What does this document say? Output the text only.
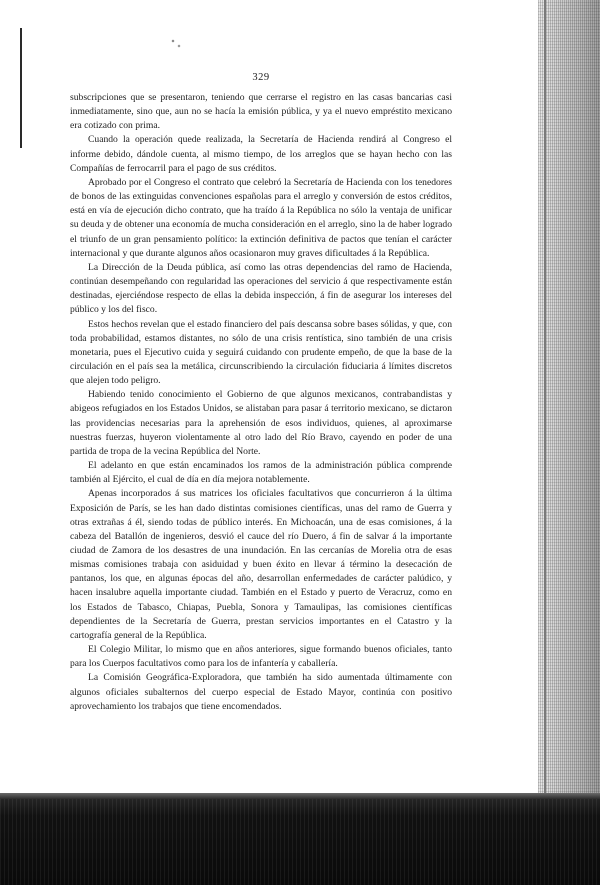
329

subscripciones que se presentaron, teniendo que cerrarse el registro en las casas bancarias casi inmediatamente, sino que, aun no se hacía la emisión pública, y ya el nuevo empréstito mexicano era cotizado con prima.

Cuando la operación quede realizada, la Secretaría de Hacienda rendirá al Congreso el informe debido, dándole cuenta, al mismo tiempo, de los arreglos que se hayan hecho con las Compañías de ferrocarril para el pago de sus créditos.

Aprobado por el Congreso el contrato que celebró la Secretaría de Hacienda con los tenedores de bonos de las extinguidas convenciones españolas para el arreglo y conversión de estos créditos, está en vía de ejecución dicho contrato, que ha traído á la República no sólo la ventaja de unificar su deuda y de obtener una economía de mucha consideración en el arreglo, sino la de haber logrado el triunfo de un gran pensamiento político: la extinción definitiva de pactos que tenían el carácter internacional y que durante algunos años ocasionaron muy graves dificultades á la República.

La Dirección de la Deuda pública, así como las otras dependencias del ramo de Hacienda, continúan desempeñando con regularidad las operaciones del servicio á que respectivamente están destinadas, ejerciéndose respecto de ellas la debida inspección, á fin de asegurar los intereses del público y los del fisco.

Estos hechos revelan que el estado financiero del país descansa sobre bases sólidas, y que, con toda probabilidad, estamos distantes, no sólo de una crisis rentística, sino también de una crisis monetaria, pues el Ejecutivo cuida y seguirá cuidando con prudente empeño, de que la base de la circulación en el país sea la metálica, circunscribiendo la circulación fiduciaria á límites discretos que alejen todo peligro.

Habiendo tenido conocimiento el Gobierno de que algunos mexicanos, contrabandistas y abigeos refugiados en los Estados Unidos, se alistaban para pasar á territorio mexicano, se dictaron las providencias necesarias para la aprehensión de esos individuos, quienes, al aproximarse nuestras fuerzas, huyeron violentamente al otro lado del Río Bravo, cayendo en poder de una partida de tropa de la vecina República del Norte.

El adelanto en que están encaminados los ramos de la administración pública comprende también al Ejército, el cual de día en día mejora notablemente.

Apenas incorporados á sus matrices los oficiales facultativos que concurrieron á la última Exposición de París, se les han dado distintas comisiones científicas, unas del ramo de Guerra y otras extrañas á él, siendo todas de público interés. En Michoacán, una de esas comisiones, á la cabeza del Batallón de ingenieros, desvió el cauce del río Duero, á fin de salvar á la importante ciudad de Zamora de los desastres de una inundación. En las cercanías de Morelia otra de esas mismas comisiones trabaja con asiduidad y buen éxito en llevar á término la desecación de pantanos, los que, en algunas épocas del año, desarrollan enfermedades de carácter palúdico, y hacen insalubre aquella importante ciudad. También en el Estado y puerto de Veracruz, como en los Estados de Tabasco, Chiapas, Puebla, Sonora y Tamaulipas, las comisiones científicas dependientes de la Secretaría de Guerra, prestan servicios importantes en el Catastro y la cartografía general de la República.

El Colegio Militar, lo mismo que en años anteriores, sigue formando buenos oficiales, tanto para los Cuerpos facultativos como para los de infantería y caballería.

La Comisión Geográfica-Exploradora, que también ha sido aumentada últimamente con algunos oficiales subalternos del cuerpo especial de Estado Mayor, continúa con positivo aprovechamiento los trabajos que tiene encomendados.
